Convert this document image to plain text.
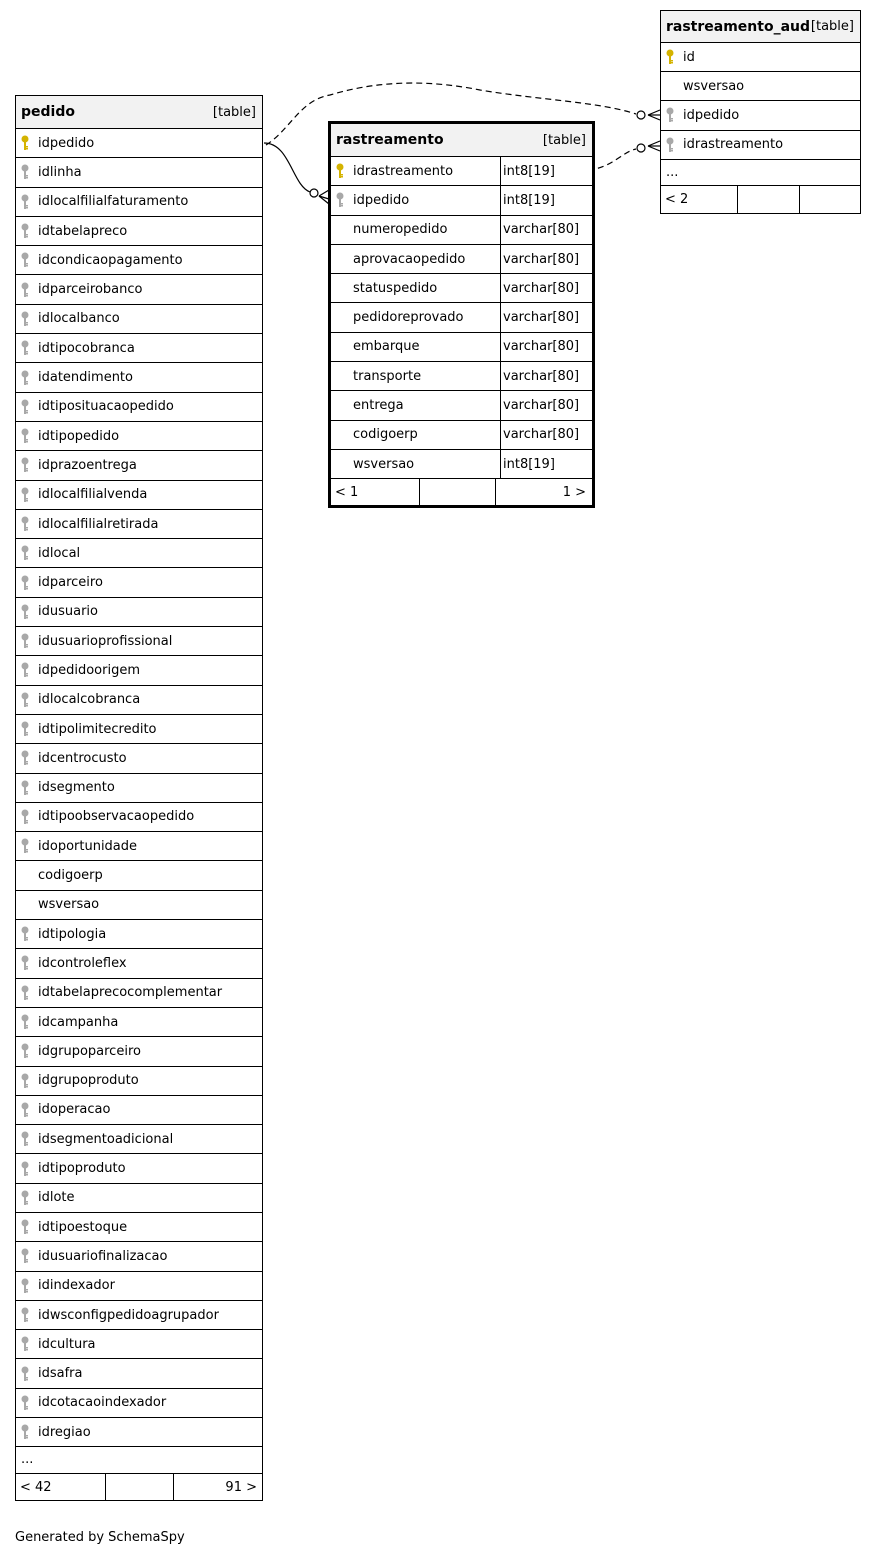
pedido	[table]
idpedido
idlinha
idlocalfilialfaturamento
idtabelapreco
idcondicaopagamento
idparceirobanco
idlocalbanco
idtipocobranca
idatendimento
idtiposituacaopedido
idtipopedido
idprazoentrega
idlocalfilialvenda
idlocalfilialretirada
idlocal
idparceiro
idusuario
idusuarioprofissional
idpedidoorigem
idlocalcobranca
idtipolimitecredito
idcentrocusto
idsegmento
idtipoobservacaopedido
idoportunidade
codigoerp
wsversao
idtipologia
idcontroleflex
idtabelaprecocomplementar
idcampanha
idgrupoparceiro
idgrupoproduto
idoperacao
idsegmentoadicional
idtipoproduto
idlote
idtipoestoque
idusuariofinalizacao
idindexador
idwsconfigpedidoagrupador
idcultura
idsafra
idcotacaoindexador
idregiao
...
< 42	91 >
rastreamento	[table]
idrastreamento	int8[19]
idpedido	int8[19]
numeropedido	varchar[80]
aprovacaopedido	varchar[80]
statuspedido	varchar[80]
pedidoreprovado	varchar[80]
embarque	varchar[80]
transporte	varchar[80]
entrega	varchar[80]
codigoerp	varchar[80]
wsversao	int8[19]
< 1	1 >
rastreamento_aud [table]
id
wsversao
idpedido
idrastreamento
...
< 2
Generated by SchemaSpy
